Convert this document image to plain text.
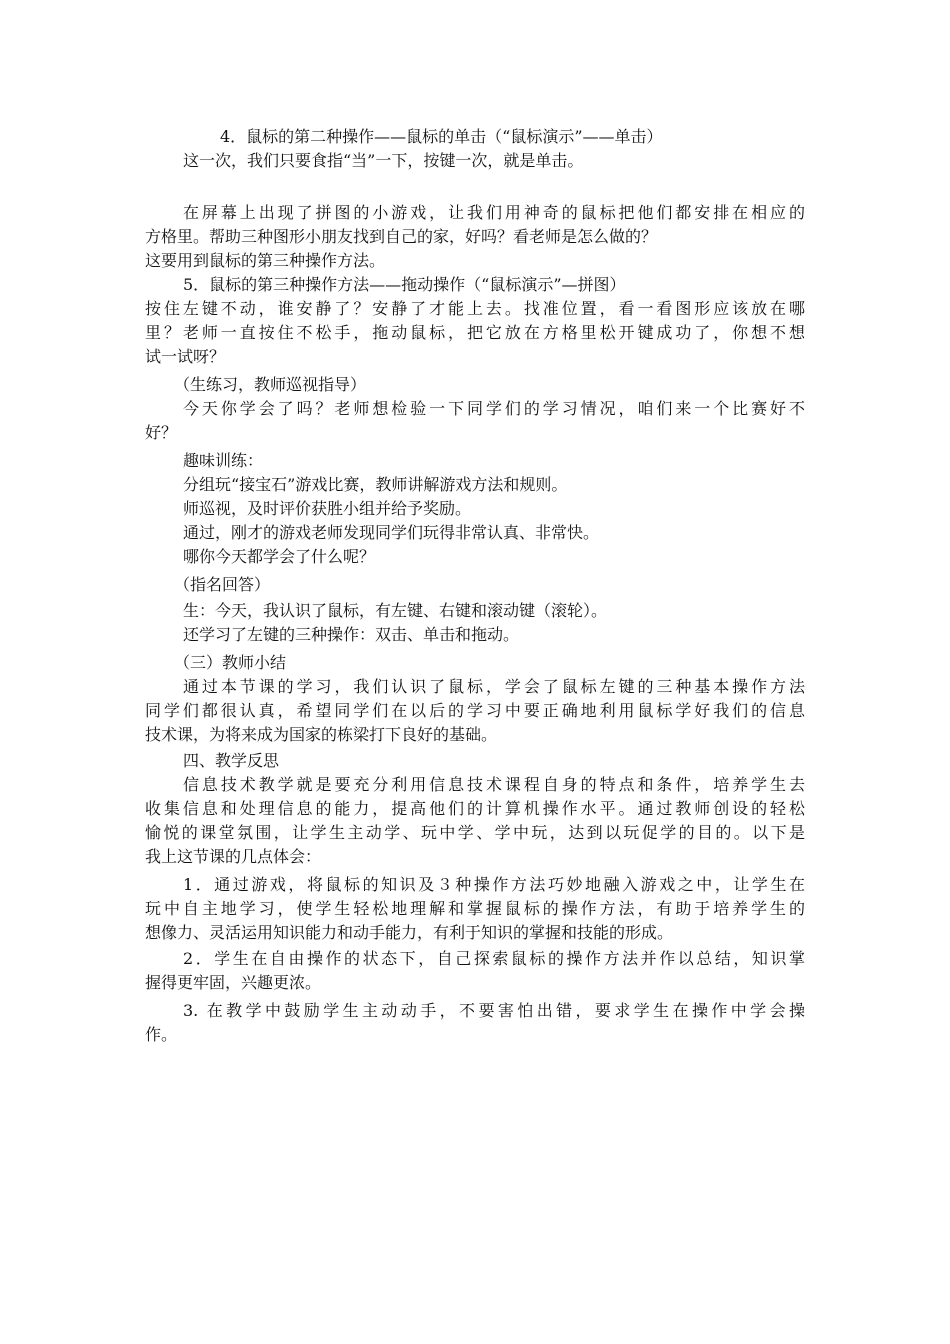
4．鼠标的第二种操作——鼠标的单击（“鼠标演示”——单击）
这一次，我们只要食指“当”一下，按键一次，就是单击。
在屏幕上出现了拼图的小游戏，让我们用神奇的鼠标把他们都安排在相应的
方格里。帮助三种图形小朋友找到自己的家，好吗？看老师是怎么做的？
这要用到鼠标的第三种操作方法。
5．鼠标的第三种操作方法——拖动操作（“鼠标演示”—拼图）
按住左键不动，谁安静了？安静了才能上去。找准位置，看一看图形应该放在哪
里？老师一直按住不松手，拖动鼠标，把它放在方格里松开键成功了，你想不想
试一试呀？
（生练习，教师巡视指导）
今天你学会了吗？老师想检验一下同学们的学习情况，咱们来一个比赛好不
好？
趣味训练：
分组玩“接宝石”游戏比赛，教师讲解游戏方法和规则。
师巡视，及时评价获胜小组并给予奖励。
通过，刚才的游戏老师发现同学们玩得非常认真、非常快。
哪你今天都学会了什么呢？
（指名回答）
生：今天，我认识了鼠标，有左键、右键和滚动键（滚轮）。
还学习了左键的三种操作：双击、单击和拖动。
（三）教师小结
通过本节课的学习，我们认识了鼠标，学会了鼠标左键的三种基本操作方法
同学们都很认真，希望同学们在以后的学习中要正确地利用鼠标学好我们的信息
技术课，为将来成为国家的栋梁打下良好的基础。
四、教学反思
信息技术教学就是要充分利用信息技术课程自身的特点和条件，培养学生去
收集信息和处理信息的能力，提高他们的计算机操作水平。通过教师创设的轻松
愉悦的课堂氛围，让学生主动学、玩中学、学中玩，达到以玩促学的目的。以下是
我上这节课的几点体会：
1．通过游戏，将鼠标的知识及３种操作方法巧妙地融入游戏之中，让学生在
玩中自主地学习，使学生轻松地理解和掌握鼠标的操作方法，有助于培养学生的
想像力、灵活运用知识能力和动手能力，有利于知识的掌握和技能的形成。
2．学生在自由操作的状态下，自己探索鼠标的操作方法并作以总结，知识掌
握得更牢固，兴趣更浓。
3. 在教学中鼓励学生主动动手，不要害怕出错，要求学生在操作中学会操
作。
